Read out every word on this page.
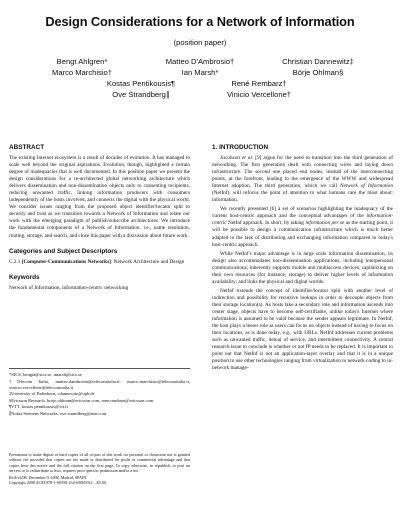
Design Considerations for a Network of Information
(position paper)
Bengt Ahlgren*	Matteo D'Ambrosio†	Christian Dannewitz‡
Marco Marchisio†	Ian Marsh*	Börje Ohlman§
Kostas Pentikousis¶	René Rembarz†
Ove Strandberg∥	Vinicio Vercellone†
ABSTRACT

The existing Internet ecosystem is a result of decades of evolution. It has managed to scale well beyond the original aspirations. Evolution, though, highlighted a certain degree of inadequacies that is well documented. In this position paper we present the design considerations for a re-architected global networking architecture which delivers dissemination and non-dissemination objects only to consenting recipients, reducing unwanted traffic, linking information producers with consumers independently of the hosts involved, and connects the digital with the physical world. We consider issues ranging from the proposed object identifier/locator split to security and trust as we transition towards a Network of Information and relate our work with the emerging paradigm of publish/subscribe architectures. We introduce the fundamental components of a Network of Information, i.e., name resolution, routing, storage, and search, and close this paper with a discussion about future work.

Categories and Subject Descriptors

C.2.1 [Computer-Communications Networks]: Network Architecture and Design

Keywords

Network of Information, information-centric networking

*SICS, bengta@sics.se, imarsh@sics.se

†Telecom Italia, matteo.dambrosio@telecomitalia.it, marco.marchisio@telecomitalia.it, vinicio.vercellone@telecomitalia.it

‡University of Paderborn, cdannewitz@upb.de

§Ericsson Research, borje.ohlman@ericsson.com, rene.rembarz@ericsson.com

¶VTT, kostas.pentikousis@vtt.fi

∥Nokia Siemens Networks, ove.strandberg@nsn.com

Permission to make digital or hard copies of all or part of this work for personal or classroom use is granted without fee provided that copies are not made or distributed for profit or commercial advantage and that copies bear this notice and the full citation on the first page. To copy otherwise, to republish, to post on servers or to redistribute to lists, requires prior specific permission and/or a fee.

ReArch'08, December 9, 2008, Madrid, SPAIN

Copyright 2008 ACM 978-1-60558-234-6/08/0012 ...$5.00.

1. INTRODUCTION

Jacobson et al. [9] argue for the need to transition into the third generation of networking. The first generation dealt with connecting wires and laying down infrastructure. The second one placed end nodes, instead of the interconnecting points, at the forefront, leading to the emergence of the WWW and widespread Internet adoption. The third generation, which we call Network of Information (NetInf), will refocus the point of attention to what humans care the most about: information.

We recently presented [6] a set of scenarios highlighting the inadequacy of the current host-centric approach and the conceptual advantages of the information-centric NetInf approach. In short, by taking information per se as the starting point, it will be possible to design a communication infrastructure which is much better adapted to the task of distributing and exchanging information compared to today's host-centric approach.

While NetInf's major advantage is in large scale information dissemination, its design also accommodates non-dissemination applications, including interpersonal communications; inherently supports mobile and multiaccess devices, capitalizing on their own resources (for instance, storage) to deliver higher levels of information availability; and links the physical and digital worlds.

NetInf extends the concept of identifier/locator split with another level of indirection and possibility for recursive lookups in order to decouple objects from their storage location(s). As hosts take a secondary role and information ascends into center stage, objects have to become self-certifiable, unlike today's Internet where information is assumed to be valid because the sender appears legitimate. In NetInf, the host plays a lesser role as users can focus on objects instead of having to focus on their locations, as is done today, e.g., with URLs. NetInf addresses current problems such as unwanted traffic, denial of service, and intermittent connectivity. A central research issue to conclude is whether or not IP needs to be replaced. It is important to point out that NetInf is not an application-layer overlay and that it is in a unique position to use other technologies ranging from virtualization to network coding to in-network manage-
